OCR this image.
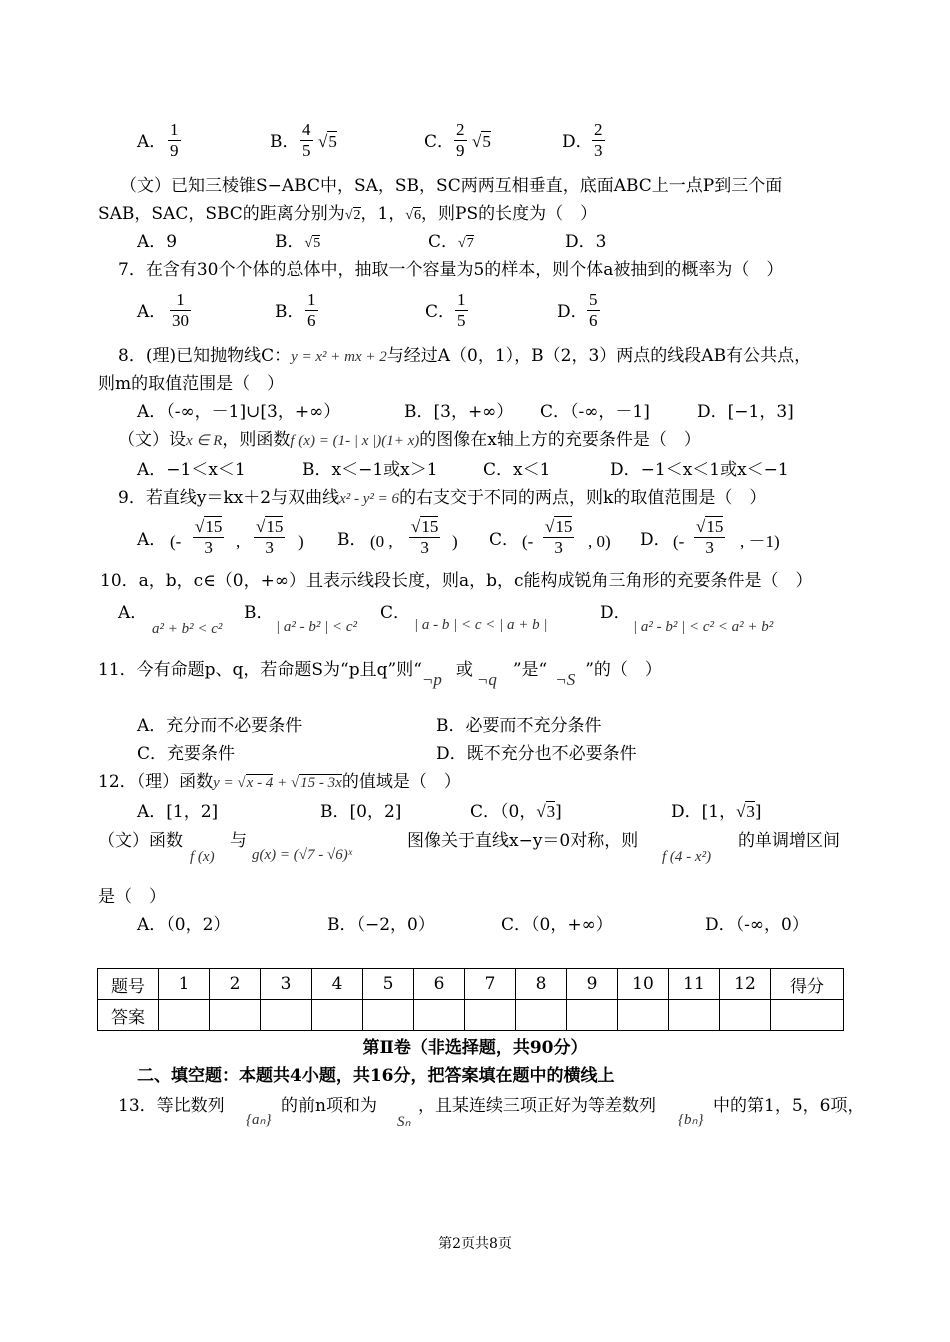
A． $\frac{1}{9}$	B． $\frac{4}{5} √5$	C． $\frac{2}{9} √5$	D． $\frac{2}{3}$
（文）已知三棱锥S−ABC中，SA，SB，SC两两互相垂直，底面ABC上一点P到三个面
SAB，SAC，SBC的距离分别为√2，1，√6，则PS的长度为（　）
A．9	B．√5	C．√7	D．3
7．在含有30个个体的总体中，抽取一个容量为5的样本，则个体a被抽到的概率为（　）
A． $\frac{1}{30}$	B． $\frac{1}{6}$	C． $\frac{1}{5}$	D． $\frac{5}{6}$
8．(理)已知抛物线C：y = x² + mx + 2与经过A（0，1），B（2，3）两点的线段AB有公共点，
则m的取值范围是（　）
A．（-∞，－1]∪[3，+∞）	B．[3，+∞） C．（-∞，－1]	D．[−1，3]
（文）设x ∈ R，则函数f (x) = (1- | x |)(1+ x)的图像在x轴上方的充要条件是（　）
A．−1＜x＜1	B．x＜−1或x＞1	C．x＜1	D．−1＜x＜1或x＜−1
9．若直线y＝kx＋2与双曲线x² - y² = 6的右支交于不同的两点，则k的取值范围是（　）
A． (- $\frac{√15}{3}$ , $\frac{√15}{3}$ ) B． (0 , $\frac{√15}{3}$ ) C． (- $\frac{√15}{3}$ , 0) D． (- $\frac{√15}{3}$ , －1)
10．a，b，c∈（0，+∞）且表示线段长度，则a，b，c能构成锐角三角形的充要条件是（　）
A．
a² + b² < c²
B．
| a² - b² | < c²
C．
| a - b | < c < | a + b |
D．
| a² - b² | < c² < a² + b²
11．今有命题p、q，若命题S为“p且q”则“¬p 或 ¬q ”是“ ¬S ”的（　）
A．充分而不必要条件	B．必要而不充分条件
C．充要条件	D．既不充分也不必要条件
12．（理）函数y = √x - 4 + √15 - 3x的值域是（　）
A．[1，2]	B．[0，2]	C．（0，√3]	D．[1，√3]
（文）函数
f (x)
与
g(x) = (√7 - √6)ˣ
图像关于直线x−y＝0对称，则
f (4 - x²)
的单调增区间
是（　）
A．（0，2）	B．（−2，0）	C．（0，+∞）	D．（-∞，0）
题号	1	2	3	4	5	6	7	8	9	10	11	12	得分
答案													
第Ⅱ卷（非选择题，共90分）
二、填空题：本题共4小题，共16分，把答案填在题中的横线上
13．等比数列
{aₙ}
的前n项和为
Sₙ
，且某连续三项正好为等差数列
{bₙ}
中的第1，5，6项，
第2页共8页
